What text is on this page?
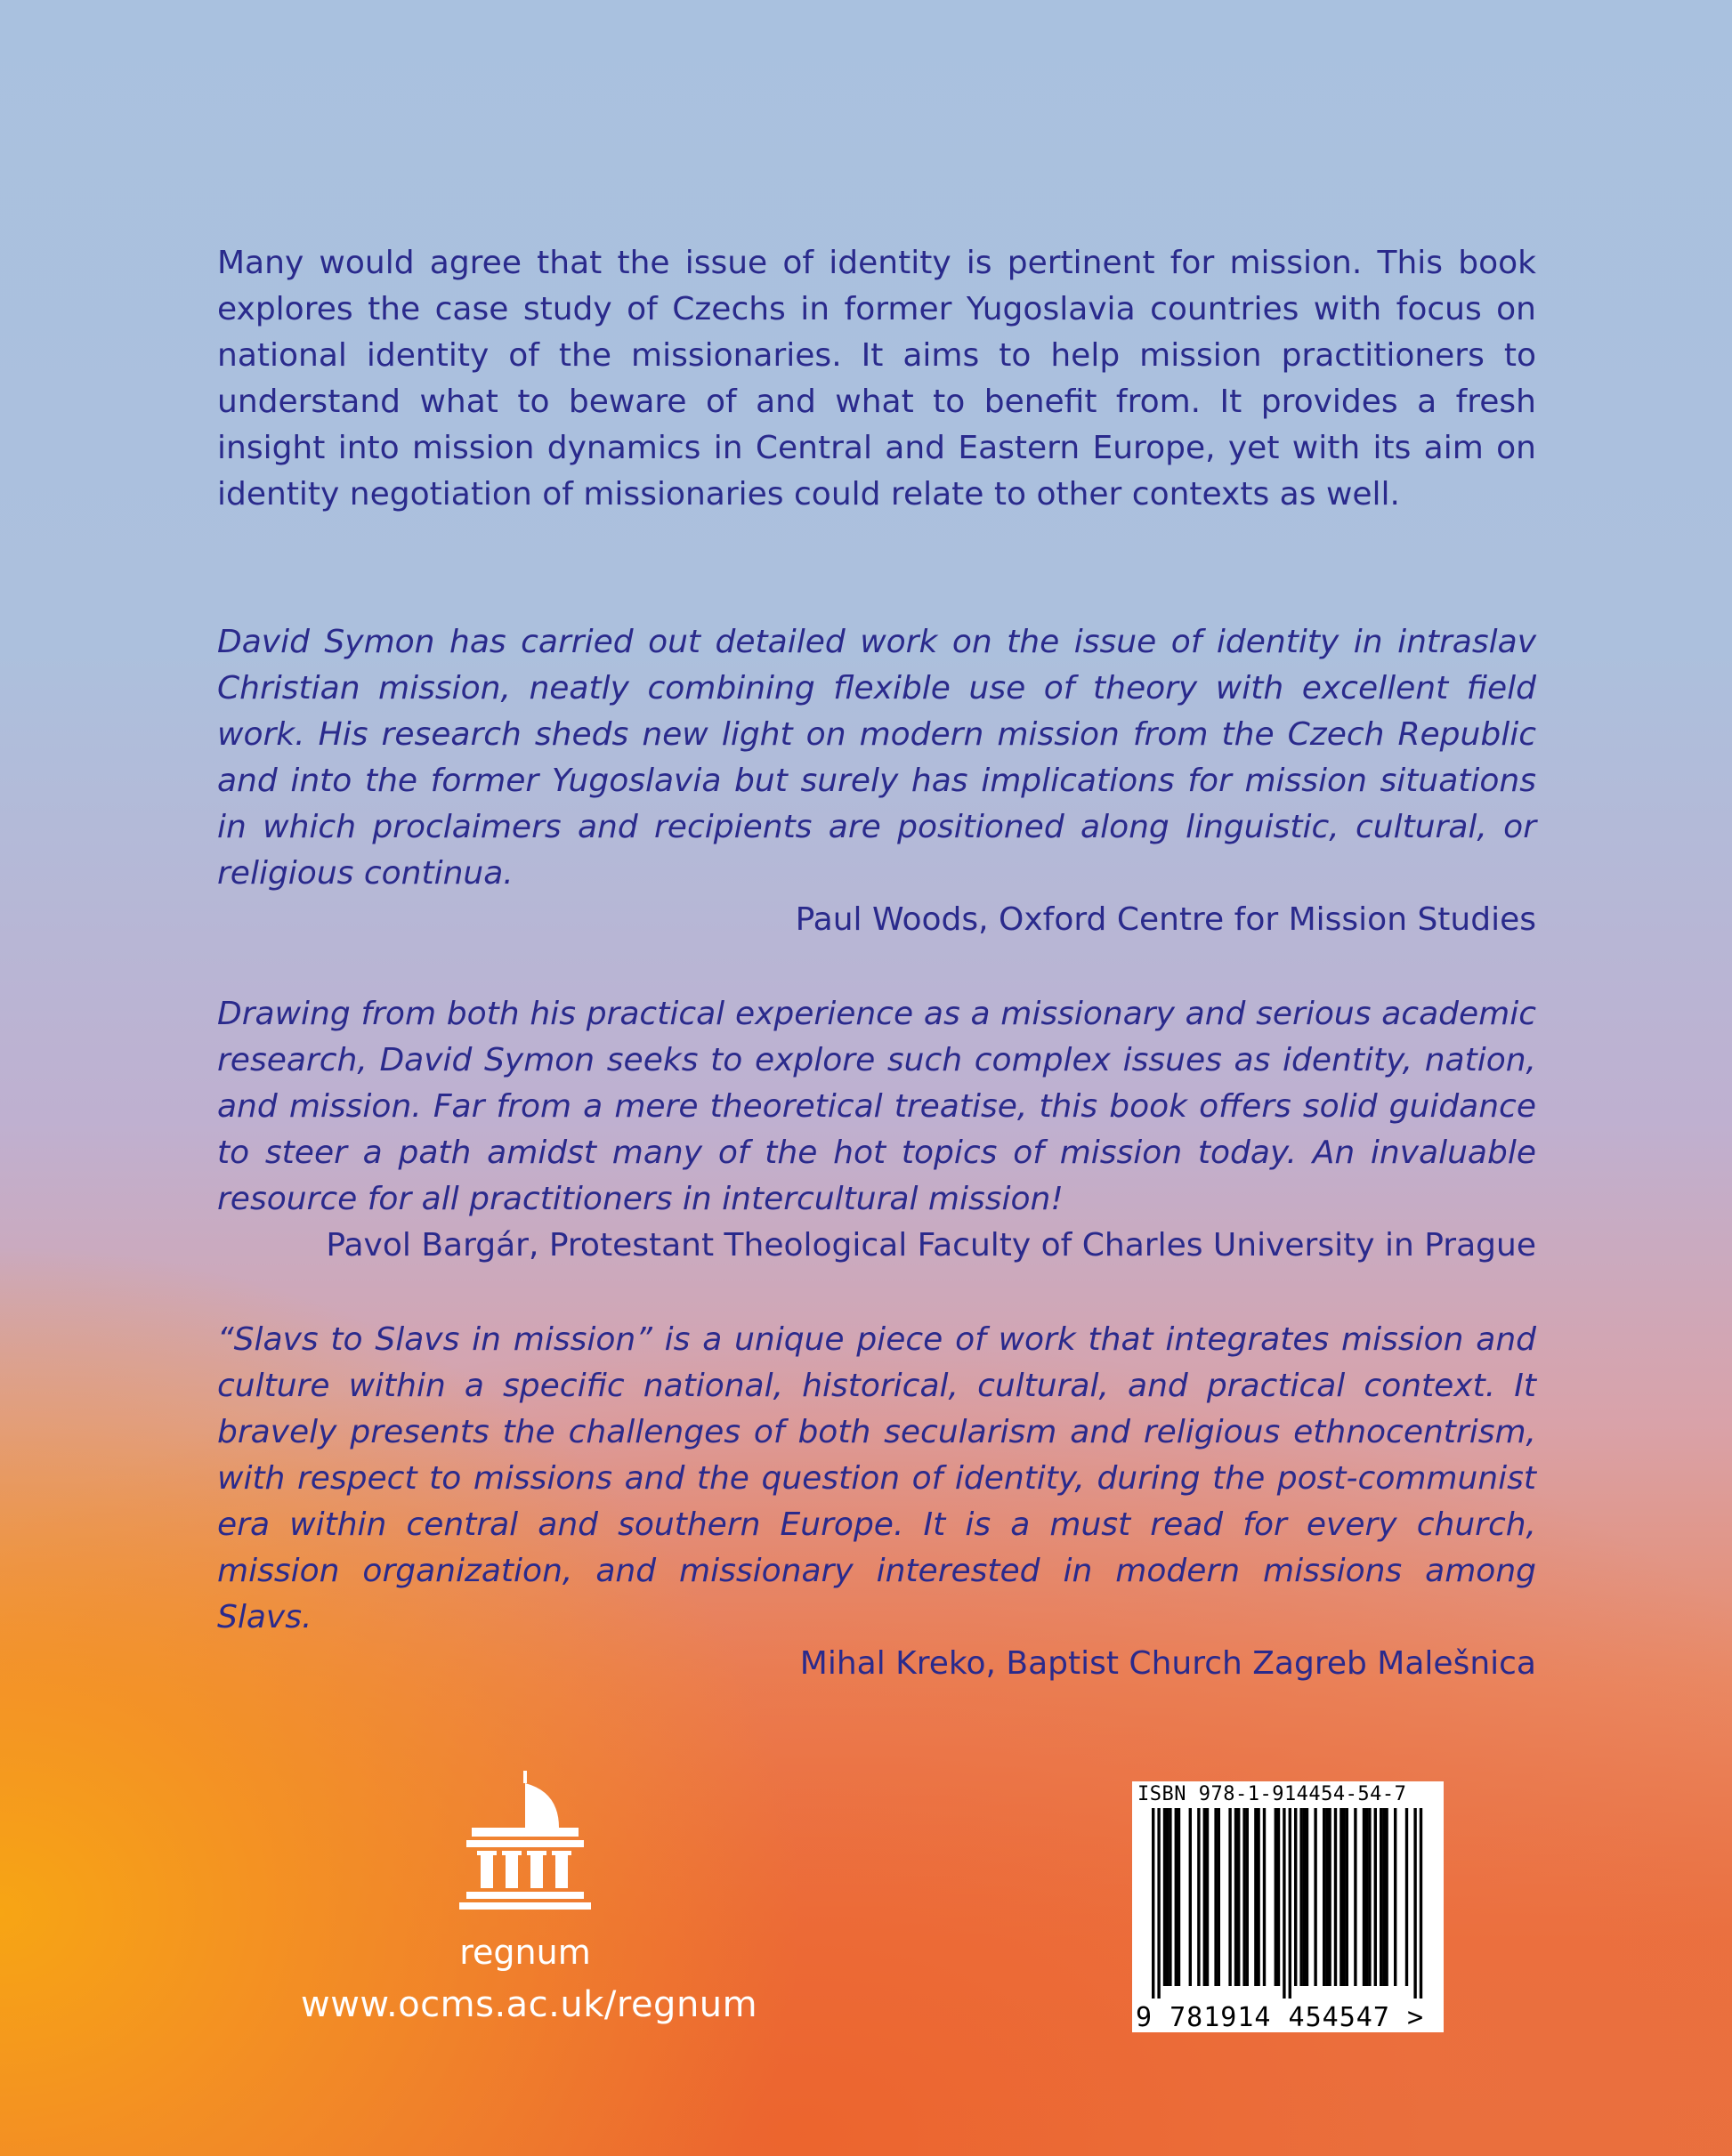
Many would agree that the issue of identity is pertinent for mission. This book explores the case study of Czechs in former Yugoslavia countries with focus on national identity of the missionaries. It aims to help mission practitioners to understand what to beware of and what to benefit from. It provides a fresh insight into mission dynamics in Central and Eastern Europe, yet with its aim on identity negotiation of missionaries could relate to other contexts as well.

David Symon has carried out detailed work on the issue of identity in intraslav Christian mission, neatly combining flexible use of theory with excellent field work. His research sheds new light on modern mission from the Czech Republic and into the former Yugoslavia but surely has implications for mission situations in which proclaimers and recipients are positioned along linguistic, cultural, or religious continua.

Paul Woods, Oxford Centre for Mission Studies

Drawing from both his practical experience as a missionary and serious academic research, David Symon seeks to explore such complex issues as identity, nation, and mission. Far from a mere theoretical treatise, this book offers solid guidance to steer a path amidst many of the hot topics of mission today. An invaluable resource for all practitioners in intercultural mission!

Pavol Bargár, Protestant Theological Faculty of Charles University in Prague

“Slavs to Slavs in mission” is a unique piece of work that integrates mission and culture within a specific national, historical, cultural, and practical context. It bravely presents the challenges of both secularism and religious ethnocentrism, with respect to missions and the question of identity, during the post-communist era within central and southern Europe. It is a must read for every church, mission organization, and missionary interested in modern missions among Slavs.

Mihal Kreko, Baptist Church Zagreb Malešnica

regnum
www.ocms.ac.uk/regnum
ISBN 978-1-914454-54-7
9 781914 454547 >
